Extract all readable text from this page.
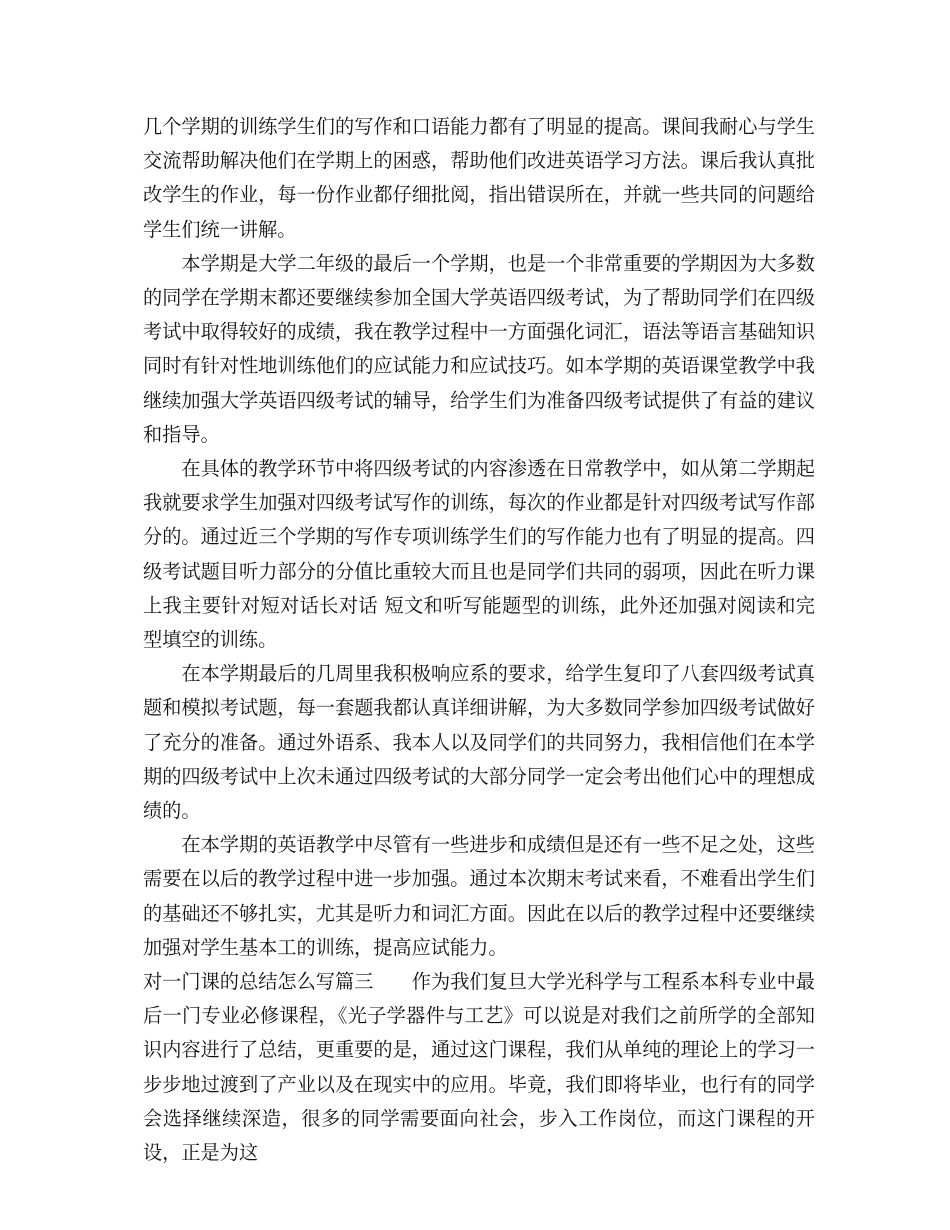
几个学期的训练学生们的写作和口语能力都有了明显的提高。课间我耐心与学生交流帮助解决他们在学期上的困惑，帮助他们改进英语学习方法。课后我认真批改学生的作业，每一份作业都仔细批阅，指出错误所在，并就一些共同的问题给学生们统一讲解。

本学期是大学二年级的最后一个学期，也是一个非常重要的学期因为大多数的同学在学期末都还要继续参加全国大学英语四级考试，为了帮助同学们在四级考试中取得较好的成绩，我在教学过程中一方面强化词汇，语法等语言基础知识同时有针对性地训练他们的应试能力和应试技巧。如本学期的英语课堂教学中我继续加强大学英语四级考试的辅导，给学生们为准备四级考试提供了有益的建议和指导。

在具体的教学环节中将四级考试的内容渗透在日常教学中，如从第二学期起我就要求学生加强对四级考试写作的训练，每次的作业都是针对四级考试写作部分的。通过近三个学期的写作专项训练学生们的写作能力也有了明显的提高。四级考试题目听力部分的分值比重较大而且也是同学们共同的弱项，因此在听力课上我主要针对短对话长对话 短文和听写能题型的训练，此外还加强对阅读和完型填空的训练。

在本学期最后的几周里我积极响应系的要求，给学生复印了八套四级考试真题和模拟考试题，每一套题我都认真详细讲解，为大多数同学参加四级考试做好了充分的准备。通过外语系、我本人以及同学们的共同努力，我相信他们在本学期的四级考试中上次未通过四级考试的大部分同学一定会考出他们心中的理想成绩的。

在本学期的英语教学中尽管有一些进步和成绩但是还有一些不足之处，这些需要在以后的教学过程中进一步加强。通过本次期末考试来看，不难看出学生们的基础还不够扎实，尤其是听力和词汇方面。因此在以后的教学过程中还要继续加强对学生基本工的训练，提高应试能力。

对一门课的总结怎么写篇三　　作为我们复旦大学光科学与工程系本科专业中最后一门专业必修课程，《光子学器件与工艺》可以说是对我们之前所学的全部知识内容进行了总结，更重要的是，通过这门课程，我们从单纯的理论上的学习一步步地过渡到了产业以及在现实中的应用。毕竟，我们即将毕业，也行有的同学会选择继续深造，很多的同学需要面向社会，步入工作岗位，而这门课程的开设，正是为这
